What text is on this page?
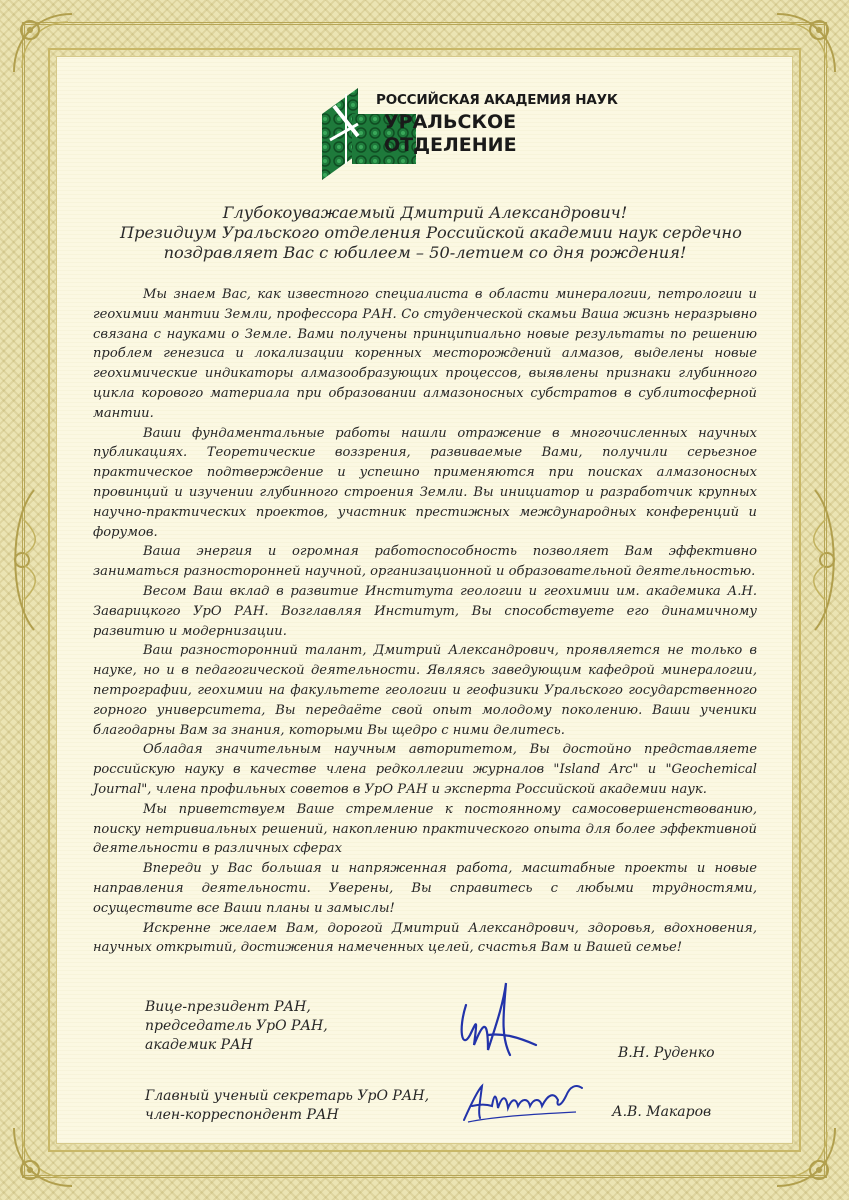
РОССИЙСКАЯ АКАДЕМИЯ НАУК
УРАЛЬСКОЕ
ОТДЕЛЕНИЕ
Глубокоуважаемый Дмитрий Александрович!
Президиум Уральского отделения Российской академии наук сердечно
поздравляет Вас с юбилеем – 50-летием со дня рождения!

Мы знаем Вас, как известного специалиста в области минералогии, петрологии и геохимии мантии Земли, профессора РАН. Со студенческой скамьи Ваша жизнь неразрывно связана с науками о Земле. Вами получены принципиально новые результаты по решению проблем генезиса и локализации коренных месторождений алмазов, выделены новые геохимические индикаторы алмазообразующих процессов, выявлены признаки глубинного цикла корового материала при образовании алмазоносных субстратов в сублитосферной мантии.

Ваши фундаментальные работы нашли отражение в многочисленных научных публикациях. Теоретические воззрения, развиваемые Вами, получили серьезное практическое подтверждение и успешно применяются при поисках алмазоносных провинций и изучении глубинного строения Земли. Вы инициатор и разработчик крупных научно-практических проектов, участник престижных международных конференций и форумов.

Ваша энергия и огромная работоспособность позволяет Вам эффективно заниматься разносторонней научной, организационной и образовательной деятельностью.

Весом Ваш вклад в развитие Института геологии и геохимии им. академика А.Н. Заварицкого УрО РАН. Возглавляя Институт, Вы способствуете его динамичному развитию и модернизации.

Ваш разносторонний талант, Дмитрий Александрович, проявляется не только в науке, но и в педагогической деятельности. Являясь заведующим кафедрой минералогии, петрографии, геохимии на факультете геологии и геофизики Уральского государственного горного университета, Вы передаёте свой опыт молодому поколению. Ваши ученики благодарны Вам за знания, которыми Вы щедро с ними делитесь.

Обладая значительным научным авторитетом, Вы достойно представляете российскую науку в качестве члена редколлегии журналов "Island Arc" и "Geochemical Journal", члена профильных советов в УрО РАН и эксперта Российской академии наук.

Мы приветствуем Ваше стремление к постоянному самосовершенствованию, поиску нетривиальных решений, накоплению практического опыта для более эффективной деятельности в различных сферах

Впереди у Вас большая и напряженная работа, масштабные проекты и новые направления деятельности. Уверены, Вы справитесь с любыми трудностями, осуществите все Ваши планы и замыслы!

Искренне желаем Вам, дорогой Дмитрий Александрович, здоровья, вдохновения, научных открытий, достижения намеченных целей, счастья Вам и Вашей семье!

Вице-президент РАН,
председатель УрО РАН,
академик РАН	В.Н. Руденко
Главный ученый секретарь УрО РАН,
член-корреспондент РАН	А.В. Макаров
